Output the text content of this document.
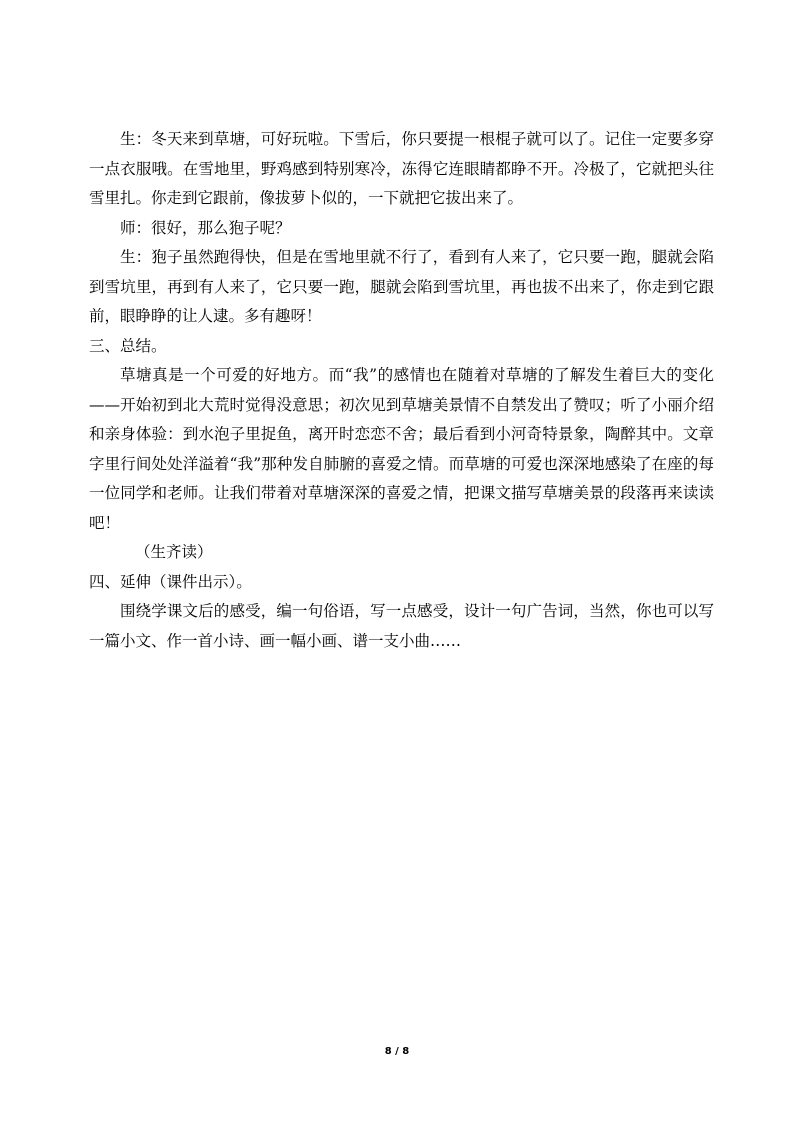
生：冬天来到草塘，可好玩啦。下雪后，你只要提一根棍子就可以了。记住一定要多穿一点衣服哦。在雪地里，野鸡感到特别寒冷，冻得它连眼睛都睁不开。冷极了，它就把头往雪里扎。你走到它跟前，像拔萝卜似的，一下就把它拔出来了。

师：很好，那么狍子呢？

生：狍子虽然跑得快，但是在雪地里就不行了，看到有人来了，它只要一跑，腿就会陷到雪坑里，再到有人来了，它只要一跑，腿就会陷到雪坑里，再也拔不出来了，你走到它跟前，眼睁睁的让人逮。多有趣呀！

三、总结。

草塘真是一个可爱的好地方。而“我”的感情也在随着对草塘的了解发生着巨大的变化——开始初到北大荒时觉得没意思；初次见到草塘美景情不自禁发出了赞叹；听了小丽介绍和亲身体验：到水泡子里捉鱼，离开时恋恋不舍；最后看到小河奇特景象，陶醉其中。文章字里行间处处洋溢着“我”那种发自肺腑的喜爱之情。而草塘的可爱也深深地感染了在座的每一位同学和老师。让我们带着对草塘深深的喜爱之情，把课文描写草塘美景的段落再来读读吧！

（生齐读）

四、延伸（课件出示）。

围绕学课文后的感受，编一句俗语，写一点感受，设计一句广告词，当然，你也可以写一篇小文、作一首小诗、画一幅小画、谱一支小曲……

8 / 8
